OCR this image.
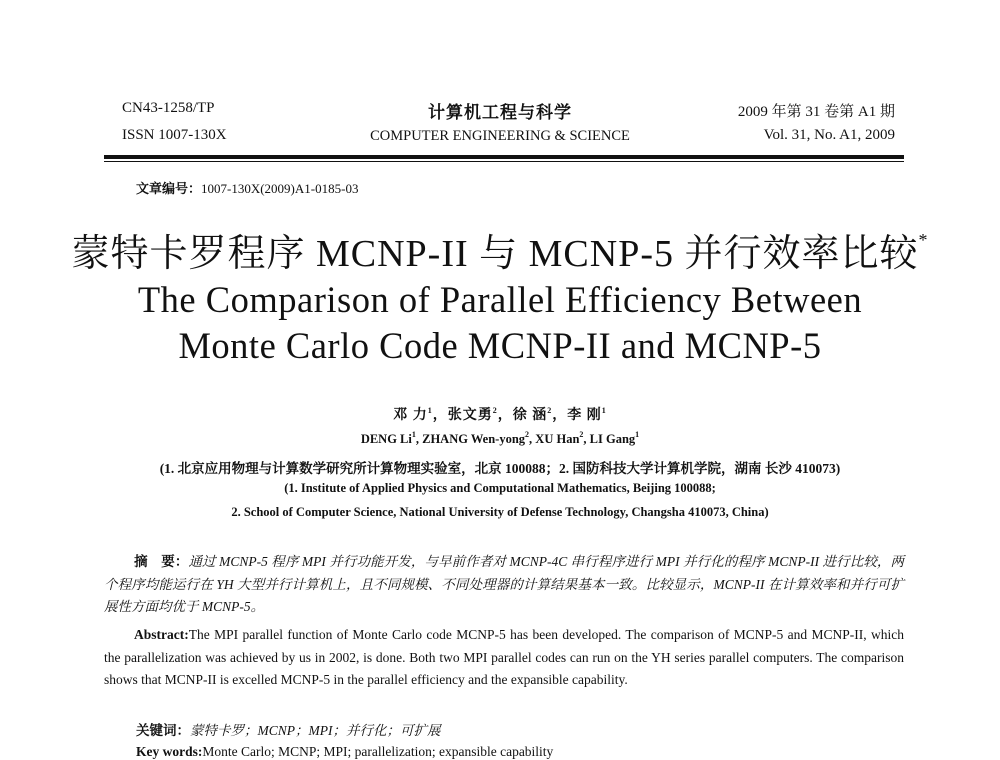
CN43-1258/TP
ISSN 1007-130X
计算机工程与科学
COMPUTER ENGINEERING & SCIENCE
2009 年第 31 卷第 A1 期
Vol. 31, No. A1, 2009
文章编号：1007-130X(2009)A1-0185-03
蒙特卡罗程序 MCNP-II 与 MCNP-5 并行效率比较*
The Comparison of Parallel Efficiency Between
Monte Carlo Code MCNP-II and MCNP-5
邓 力$^1$，张文勇$^2$，徐 涵$^2$，李 刚$^1$
DENG Li$^1$, ZHANG Wen-yong$^2$, XU Han$^2$, LI Gang$^1$
(1. 北京应用物理与计算数学研究所计算物理实验室，北京 100088；2. 国防科技大学计算机学院，湖南 长沙 410073)
(1. Institute of Applied Physics and Computational Mathematics, Beijing 100088;
2. School of Computer Science, National University of Defense Technology, Changsha 410073, China)
摘　要：通过 MCNP-5 程序 MPI 并行功能开发，与早前作者对 MCNP-4C 串行程序进行 MPI 并行化的程序 MCNP-II 进行比较，两个程序均能运行在 YH 大型并行计算机上，且不同规模、不同处理器的计算结果基本一致。比较显示，MCNP-II 在计算效率和并行可扩展性方面均优于 MCNP-5。
Abstract:The MPI parallel function of Monte Carlo code MCNP-5 has been developed. The comparison of MCNP-5 and MCNP-II, which the parallelization was achieved by us in 2002, is done. Both two MPI parallel codes can run on the YH series parallel computers. The comparison shows that MCNP-II is excelled MCNP-5 in the parallel efficiency and the expansible capability.
关键词：蒙特卡罗；MCNP；MPI；并行化；可扩展
Key words:Monte Carlo; MCNP; MPI; parallelization; expansible capability
